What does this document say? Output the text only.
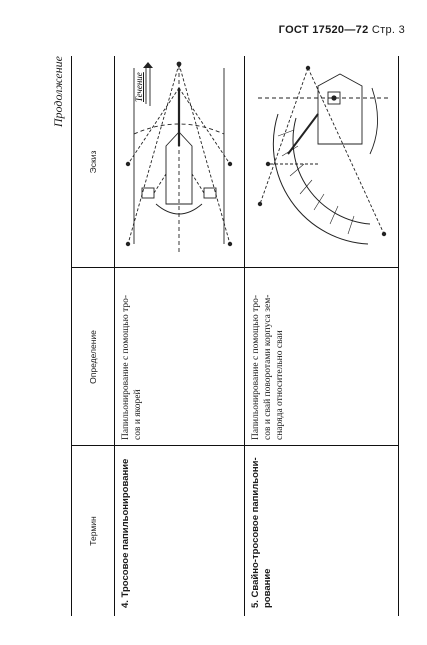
ГОСТ 17520—72 Стр. 3
Продолжение
Термин
Определение
Эскиз
4. Тросовое папильонирование
Папильонирование с помощью тро- сов и якорей
5. Свайно-тросовое папильони- рование
Папильонирование с помощью тро- сов и свай поворотами корпуса зем- снаряда относительно сваи
Течение
